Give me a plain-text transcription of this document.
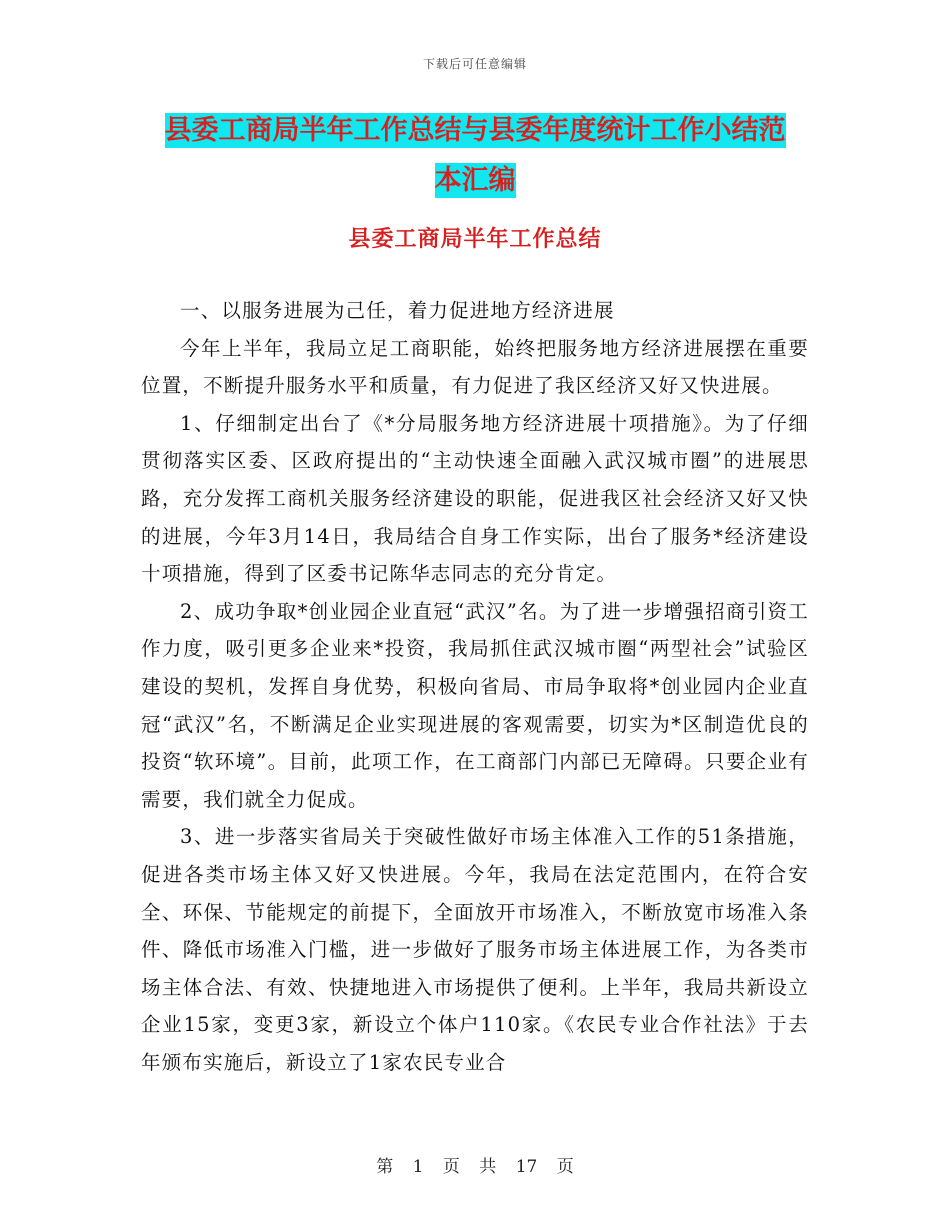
下载后可任意编辑
县委工商局半年工作总结与县委年度统计工作小结范
本汇编
县委工商局半年工作总结

一、以服务进展为己任，着力促进地方经济进展

今年上半年，我局立足工商职能，始终把服务地方经济进展摆在重要位置，不断提升服务水平和质量，有力促进了我区经济又好又快进展。

1、仔细制定出台了《*分局服务地方经济进展十项措施》。为了仔细贯彻落实区委、区政府提出的“主动快速全面融入武汉城市圈”的进展思路，充分发挥工商机关服务经济建设的职能，促进我区社会经济又好又快的进展，今年3月14日，我局结合自身工作实际，出台了服务*经济建设十项措施，得到了区委书记陈华志同志的充分肯定。

2、成功争取*创业园企业直冠“武汉”名。为了进一步增强招商引资工作力度，吸引更多企业来*投资，我局抓住武汉城市圈“两型社会”试验区建设的契机，发挥自身优势，积极向省局、市局争取将*创业园内企业直冠“武汉”名，不断满足企业实现进展的客观需要，切实为*区制造优良的投资“软环境”。目前，此项工作，在工商部门内部已无障碍。只要企业有需要，我们就全力促成。

3、进一步落实省局关于突破性做好市场主体准入工作的51条措施，促进各类市场主体又好又快进展。今年，我局在法定范围内，在符合安全、环保、节能规定的前提下，全面放开市场准入，不断放宽市场准入条件、降低市场准入门槛，进一步做好了服务市场主体进展工作，为各类市场主体合法、有效、快捷地进入市场提供了便利。上半年，我局共新设立企业15家，变更3家，新设立个体户110家。《农民专业合作社法》于去年颁布实施后，新设立了1家农民专业合

第 1 页 共 17 页
